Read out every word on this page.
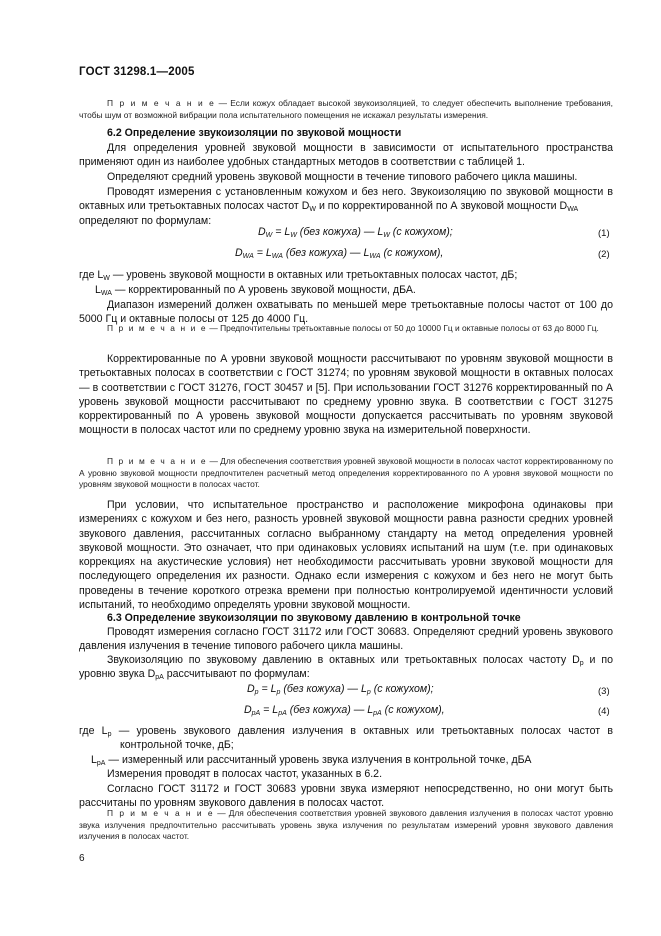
ГОСТ 31298.1—2005
П р и м е ч а н и е — Если кожух обладает высокой звукоизоляцией, то следует обеспечить выполнение требования, чтобы шум от возможной вибрации пола испытательного помещения не искажал результаты измерения.
6.2 Определение звукоизоляции по звуковой мощности
Для определения уровней звуковой мощности в зависимости от испытательного пространства применяют один из наиболее удобных стандартных методов в соответствии с таблицей 1.
Определяют средний уровень звуковой мощности в течение типового рабочего цикла машины.
Проводят измерения с установленным кожухом и без него. Звукоизоляцию по звуковой мощности в октавных или третьоктавных полосах частот $D_W$ и по корректированной по А звуковой мощности $D_{WA}$
определяют по формулам:
$D_W = L_W$ (без кожуха) — $L_W$ (с кожухом);	(1)
$D_{WA} = L_{WA}$ (без кожуха) — $L_{WA}$ (с кожухом),	(2)
где $L_W$ — уровень звуковой мощности в октавных или третьоктавных полосах частот, дБ;
$L_{WA}$ — корректированный по А уровень звуковой мощности, дБА.
Диапазон измерений должен охватывать по меньшей мере третьоктавные полосы частот от 100 до 5000 Гц и октавные полосы от 125 до 4000 Гц.
П р и м е ч а н и е — Предпочтительны третьоктавные полосы от 50 до 10000 Гц и октавные полосы от 63 до 8000 Гц.
Корректированные по А уровни звуковой мощности рассчитывают по уровням звуковой мощности в третьоктавных полосах в соответствии с ГОСТ 31274; по уровням звуковой мощности в октавных полосах — в соответствии с ГОСТ 31276, ГОСТ 30457 и [5]. При использовании ГОСТ 31276 корректированный по А уровень звуковой мощности рассчитывают по среднему уровню звука. В соответствии с ГОСТ 31275 корректированный по А уровень звуковой мощности допускается рассчитывать по уровням звуковой мощности в полосах частот или по среднему уровню звука на измерительной поверхности.
П р и м е ч а н и е — Для обеспечения соответствия уровней звуковой мощности в полосах частот корректированному по А уровню звуковой мощности предпочтителен расчетный метод определения корректированного по А уровня звуковой мощности по уровням звуковой мощности в полосах частот.
При условии, что испытательное пространство и расположение микрофона одинаковы при измерениях с кожухом и без него, разность уровней звуковой мощности равна разности средних уровней звукового давления, рассчитанных согласно выбранному стандарту на метод определения уровней звуковой мощности. Это означает, что при одинаковых условиях испытаний на шум (т.е. при одинаковых коррекциях на акустические условия) нет необходимости рассчитывать уровни звуковой мощности для последующего определения их разности. Однако если измерения с кожухом и без него не могут быть проведены в течение короткого отрезка времени при полностью контролируемой идентичности условий испытаний, то необходимо определять уровни звуковой мощности.
6.3 Определение звукоизоляции по звуковому давлению в контрольной точке
Проводят измерения согласно ГОСТ 31172 или ГОСТ 30683. Определяют средний уровень звукового давления излучения в течение типового рабочего цикла машины.
Звукоизоляцию по звуковому давлению в октавных или третьоктавных полосах частоту $D_p$ и по уровню звука $D_{pA}$ рассчитывают по формулам:
$D_p = L_p$ (без кожуха) — $L_p$ (с кожухом);	(3)
$D_{pA} = L_{pA}$ (без кожуха) — $L_{pA}$ (с кожухом),	(4)
где $L_p$ — уровень звукового давления излучения в октавных или третьоктавных полосах частот в контрольной точке, дБ;
$L_{pA}$ — измеренный или рассчитанный уровень звука излучения в контрольной точке, дБА
Измерения проводят в полосах частот, указанных в 6.2.
Согласно ГОСТ 31172 и ГОСТ 30683 уровни звука измеряют непосредственно, но они могут быть рассчитаны по уровням звукового давления в полосах частот.
П р и м е ч а н и е — Для обеспечения соответствия уровней звукового давления излучения в полосах частот уровню звука излучения предпочтительно рассчитывать уровень звука излучения по результатам измерений уровня звукового давления излучения в полосах частот.
6
